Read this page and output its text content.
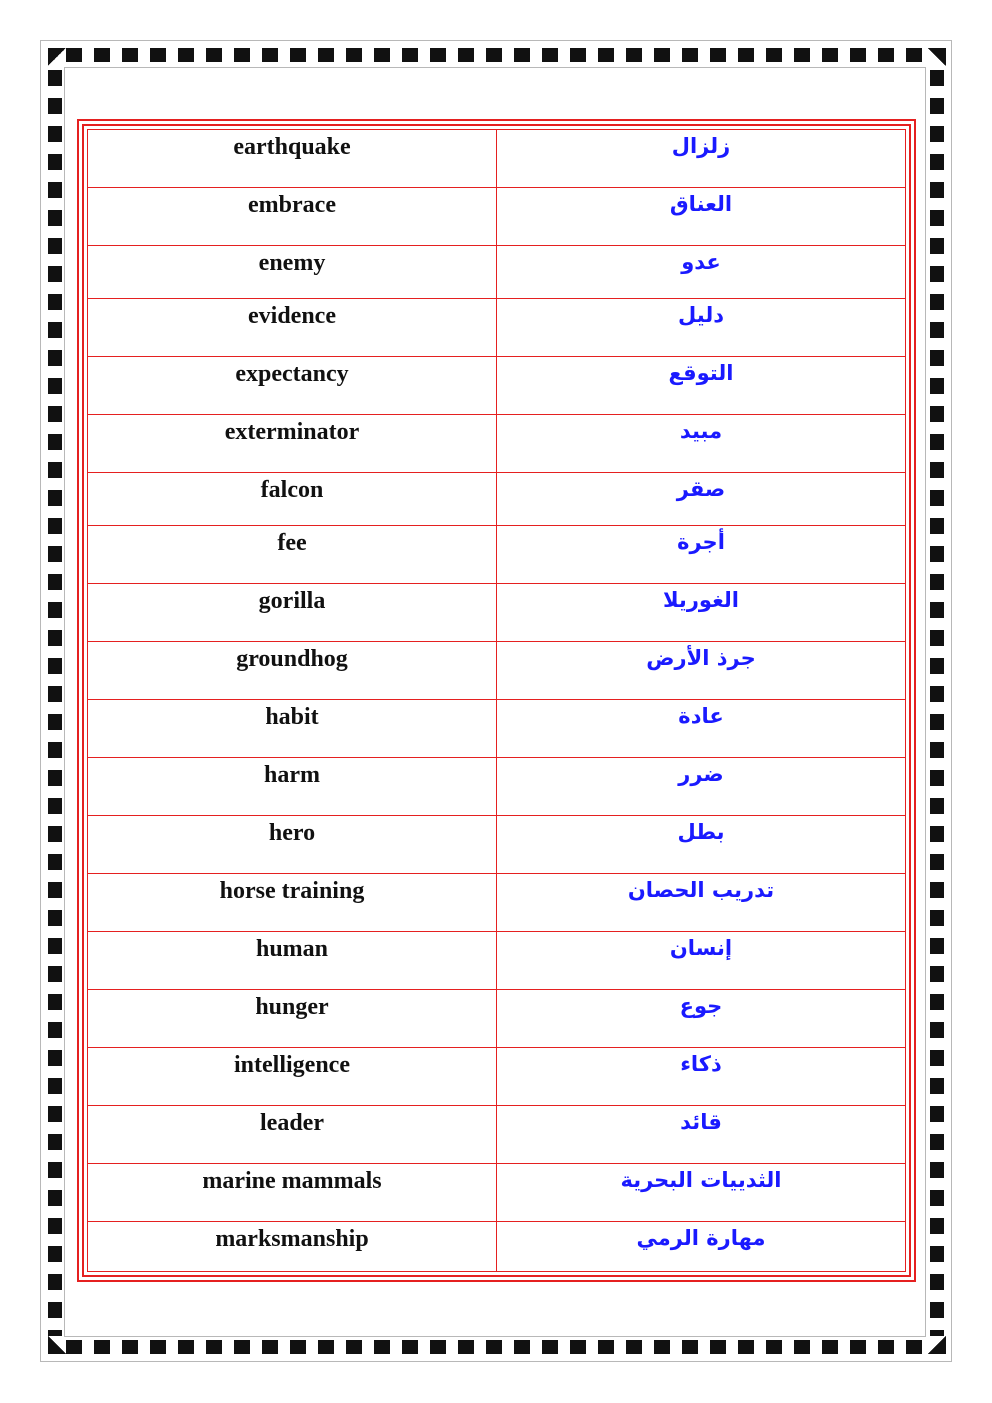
earthquake	زلزال
embrace	العناق
enemy	عدو
evidence	دليل
expectancy	التوقع
exterminator	مبيد
falcon	صقر
fee	أجرة
gorilla	الغوريلا
groundhog	جرذ الأرض
habit	عادة
harm	ضرر
hero	بطل
horse training	تدريب الحصان
human	إنسان
hunger	جوع
intelligence	ذكاء
leader	قائد
marine mammals	الثدييات البحرية
marksmanship	مهارة الرمي
